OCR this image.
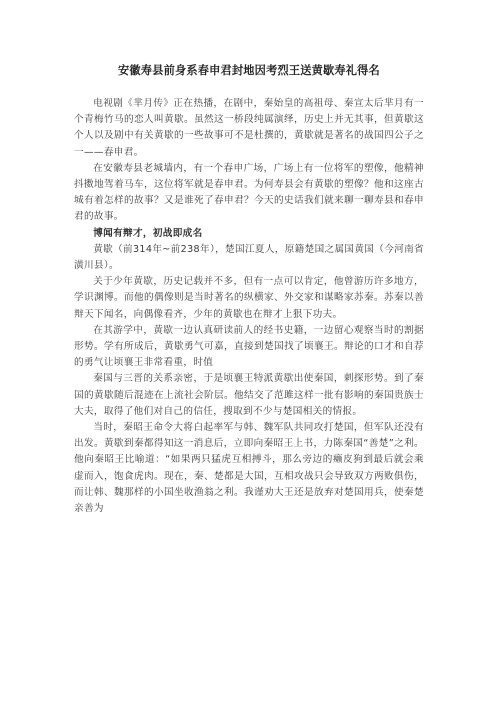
安徽寿县前身系春申君封地因考烈王送黄歇寿礼得名

电视剧《芈月传》正在热播，在剧中，秦始皇的高祖母、秦宣太后芈月有一个青梅竹马的恋人叫黄歇。虽然这一桥段纯属演绎，历史上并无其事，但黄歇这个人以及剧中有关黄歇的一些故事可不是杜撰的，黄歇就是著名的战国四公子之一——春申君。

在安徽寿县老城墙内，有一个春申广场，广场上有一位将军的塑像，他精神抖擞地驾着马车，这位将军就是春申君。为何寿县会有黄歇的塑像？他和这座古城有着怎样的故事？又是谁死了春申君？今天的史话我们就来聊一聊寿县和春申君的故事。

博闻有辩才，初战即成名

黄歇（前314年~前238年），楚国江夏人，原籍楚国之属国黄国（今河南省潢川县）。

关于少年黄歇，历史记载并不多，但有一点可以肯定，他曾游历许多地方，学识渊博。而他的偶像则是当时著名的纵横家、外交家和谋略家苏秦。苏秦以善辩天下闻名，向偶像看齐，少年的黄歇也在辩才上狠下功夫。

在其游学中，黄歇一边认真研读前人的经书史籍，一边留心观察当时的割据形势。学有所成后，黄歇勇气可嘉，直接到楚国找了顷襄王。辩论的口才和自荐的勇气让顷襄王非常看重，时值

秦国与三晋的关系亲密，于是顷襄王特派黄歇出使秦国，刺探形势。到了秦国的黄歇随后混迹在上流社会阶层。他结交了范雎这样一批有影响的秦国贵族士大夫，取得了他们对自己的信任，搜取到不少与楚国相关的情报。

当时，秦昭王命令大将白起率军与韩、魏军队共同攻打楚国，但军队还没有出发。黄歇到秦都得知这一消息后，立即向秦昭王上书，力陈秦国“善楚”之利。他向秦昭王比喻道：“如果两只猛虎互相搏斗，那么旁边的癞皮狗到最后就会乘虚而入，饱食虎肉。现在，秦、楚都是大国，互相攻战只会导致双方两败俱伤，而让韩、魏那样的小国坐收渔翁之利。我谨劝大王还是放弃对楚国用兵，使秦楚亲善为
